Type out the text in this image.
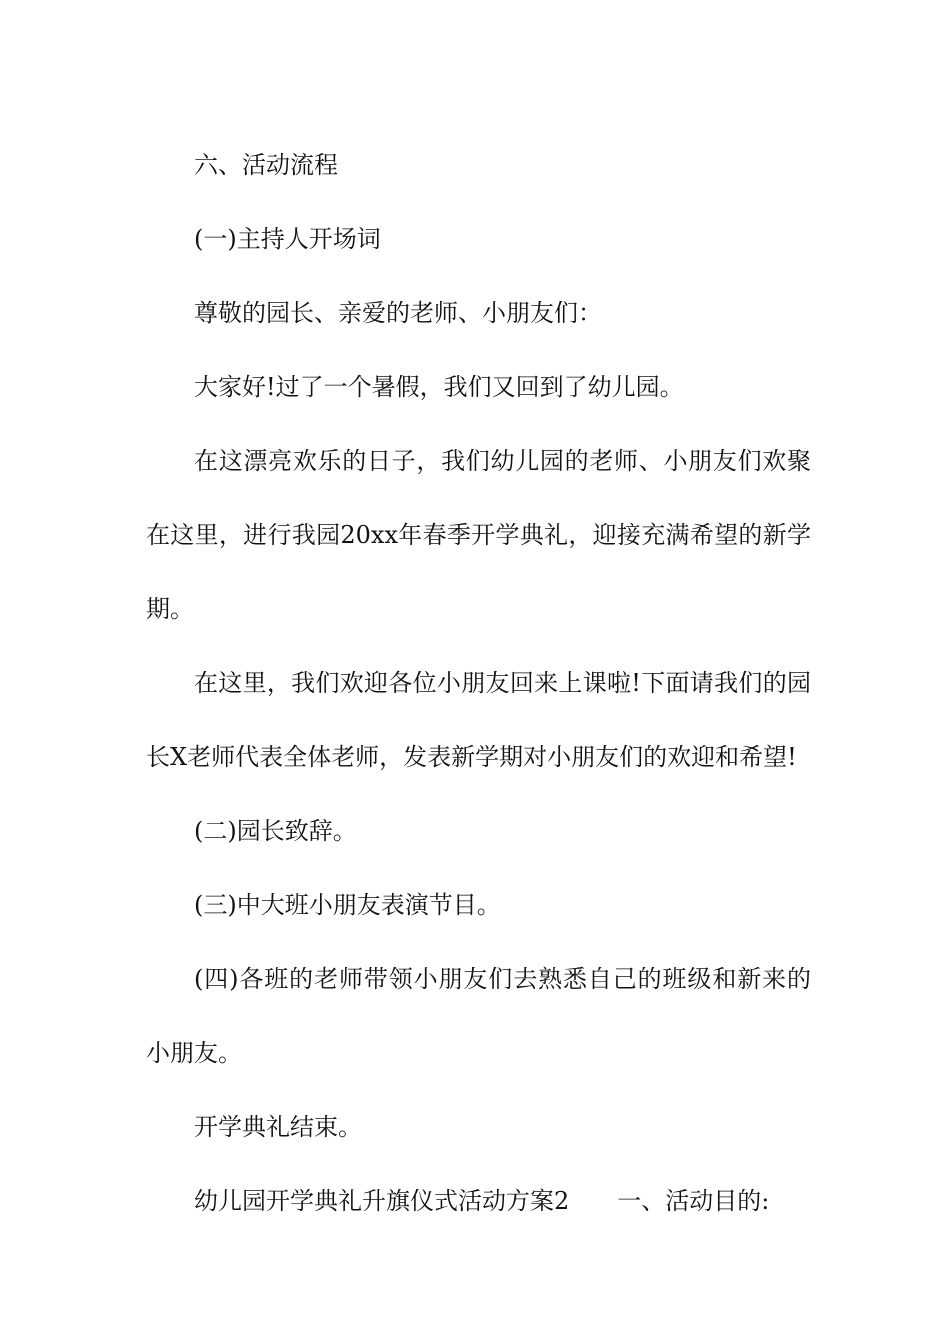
六、活动流程

(一)主持人开场词

尊敬的园长、亲爱的老师、小朋友们：

大家好!过了一个暑假，我们又回到了幼儿园。

在这漂亮欢乐的日子，我们幼儿园的老师、小朋友们欢聚在这里，进行我园20xx年春季开学典礼，迎接充满希望的新学期。

在这里，我们欢迎各位小朋友回来上课啦!下面请我们的园长X老师代表全体老师，发表新学期对小朋友们的欢迎和希望!

(二)园长致辞。

(三)中大班小朋友表演节目。

(四)各班的老师带领小朋友们去熟悉自己的班级和新来的小朋友。

开学典礼结束。

幼儿园开学典礼升旗仪式活动方案2　　一、活动目的:
